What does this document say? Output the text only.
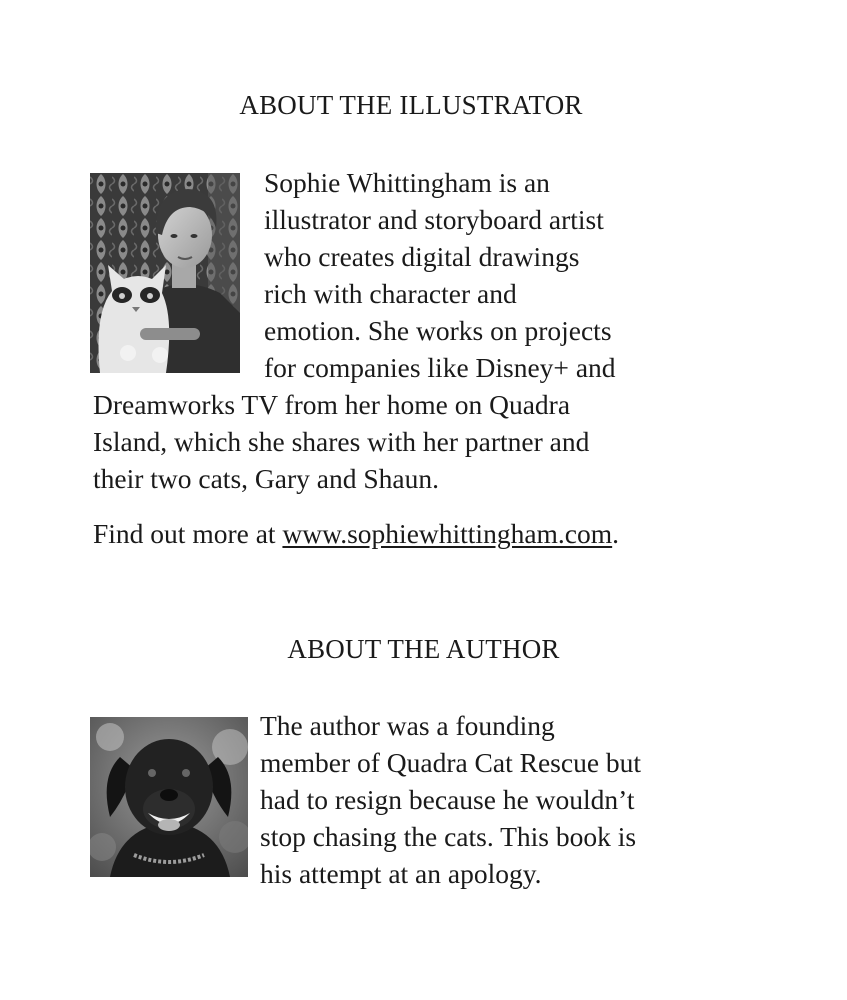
ABOUT THE ILLUSTRATOR
Sophie Whittingham is an
illustrator and storyboard artist
who creates digital drawings
rich with character and
emotion. She works on projects
for companies like Disney+ and
Dreamworks TV from her home on Quadra
Island, which she shares with her partner and
their two cats, Gary and Shaun.
Find out more at www.sophiewhittingham.com.
ABOUT THE AUTHOR
The author was a founding
member of Quadra Cat Rescue but
had to resign because he wouldn’t
stop chasing the cats. This book is
his attempt at an apology.
